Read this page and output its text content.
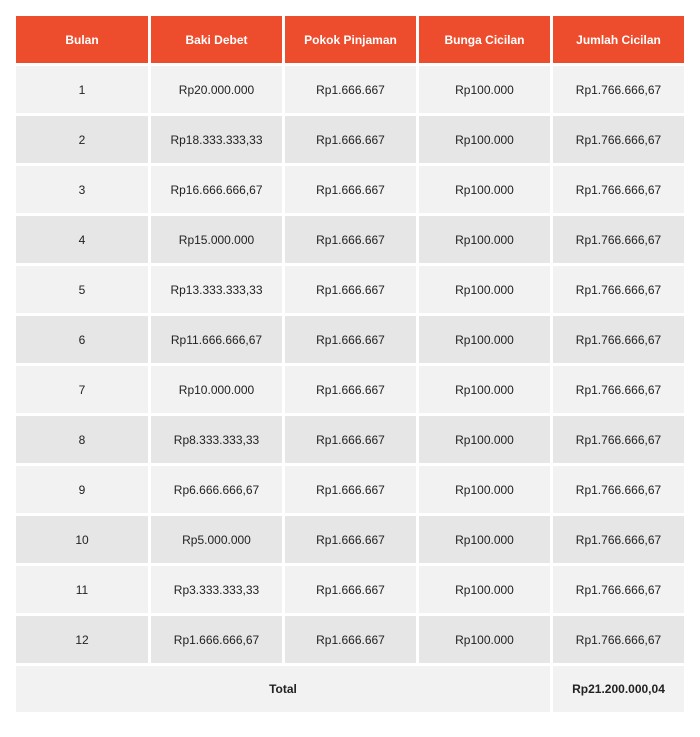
Bulan	Baki Debet	Pokok Pinjaman	Bunga Cicilan	Jumlah Cicilan
1	Rp20.000.000	Rp1.666.667	Rp100.000	Rp1.766.666,67
2	Rp18.333.333,33	Rp1.666.667	Rp100.000	Rp1.766.666,67
3	Rp16.666.666,67	Rp1.666.667	Rp100.000	Rp1.766.666,67
4	Rp15.000.000	Rp1.666.667	Rp100.000	Rp1.766.666,67
5	Rp13.333.333,33	Rp1.666.667	Rp100.000	Rp1.766.666,67
6	Rp11.666.666,67	Rp1.666.667	Rp100.000	Rp1.766.666,67
7	Rp10.000.000	Rp1.666.667	Rp100.000	Rp1.766.666,67
8	Rp8.333.333,33	Rp1.666.667	Rp100.000	Rp1.766.666,67
9	Rp6.666.666,67	Rp1.666.667	Rp100.000	Rp1.766.666,67
10	Rp5.000.000	Rp1.666.667	Rp100.000	Rp1.766.666,67
11	Rp3.333.333,33	Rp1.666.667	Rp100.000	Rp1.766.666,67
12	Rp1.666.666,67	Rp1.666.667	Rp100.000	Rp1.766.666,67
Total				Rp21.200.000,04
